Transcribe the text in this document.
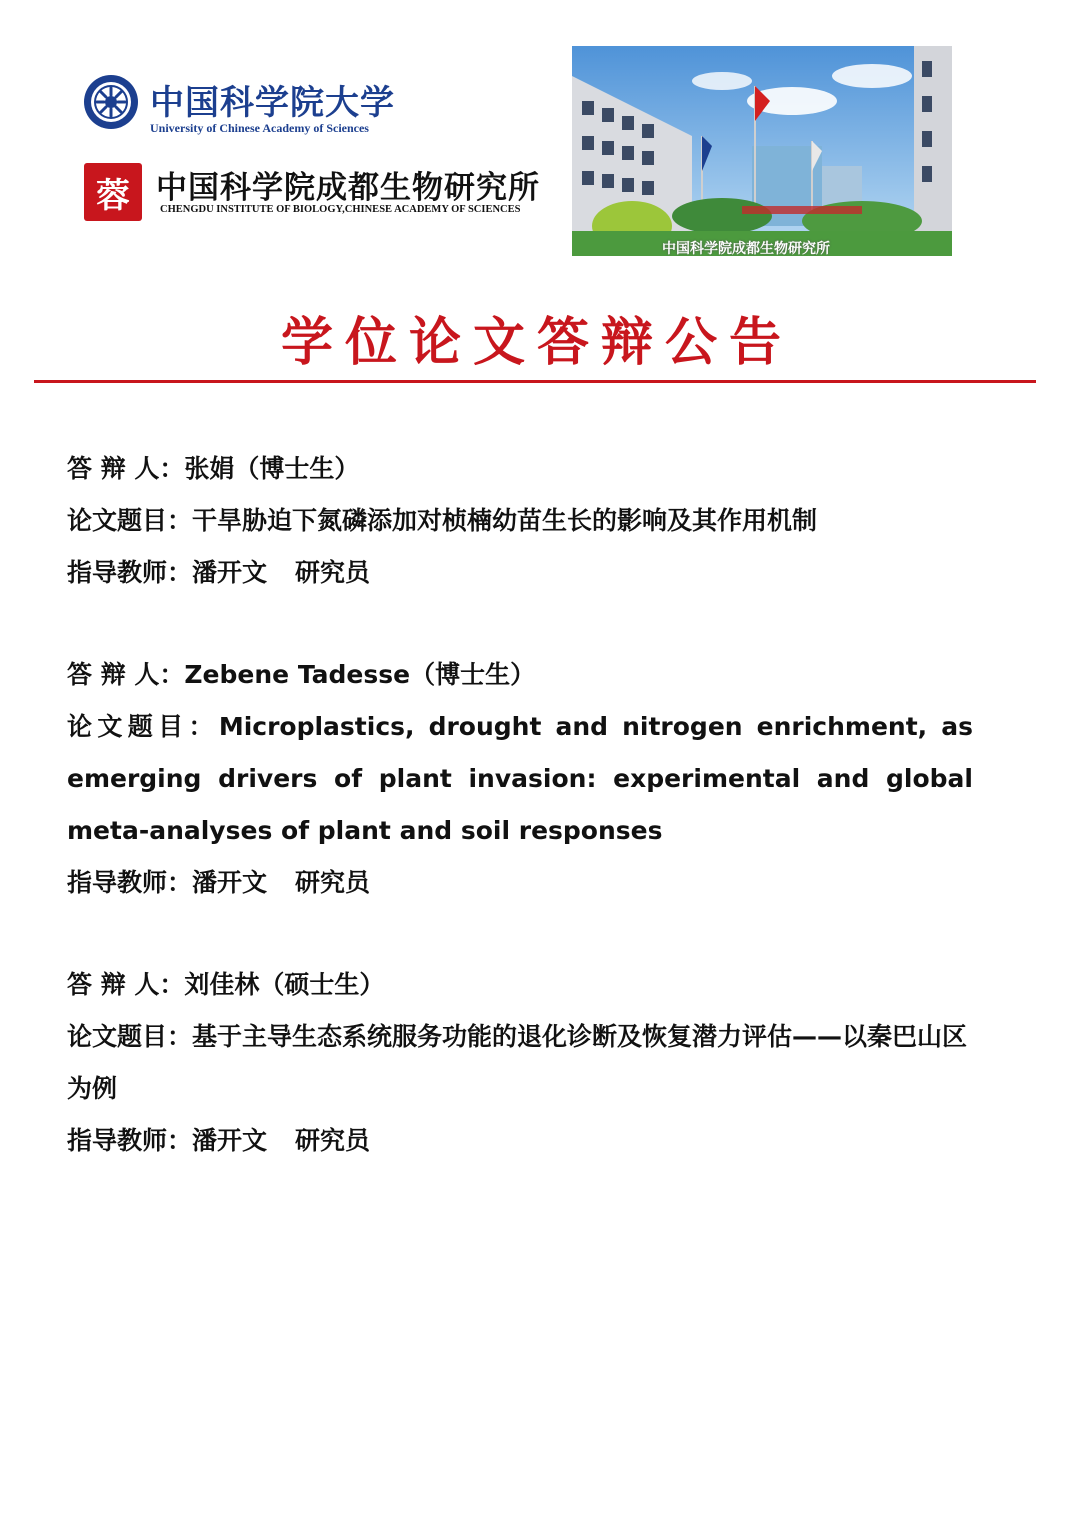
中国科学院大学
University of Chinese Academy of Sciences
蓉 中国科学院成都生物研究所
CHENGDU INSTITUTE OF BIOLOGY,CHINESE ACADEMY OF SCIENCES
中国科学院成都生物研究所
学位论文答辩公告
答 辩 人：张娟（博士生）
论文题目：干旱胁迫下氮磷添加对桢楠幼苗生长的影响及其作用机制
指导教师：潘开文 研究员
答 辩 人：Zebene Tadesse（博士生）
论文题目：Microplastics, drought and nitrogen enrichment, as emerging drivers of plant invasion: experimental and global meta-analyses of plant and soil responses
指导教师：潘开文 研究员
答 辩 人：刘佳林（硕士生）
论文题目：基于主导生态系统服务功能的退化诊断及恢复潜力评估——以秦巴山区为例
指导教师：潘开文 研究员
